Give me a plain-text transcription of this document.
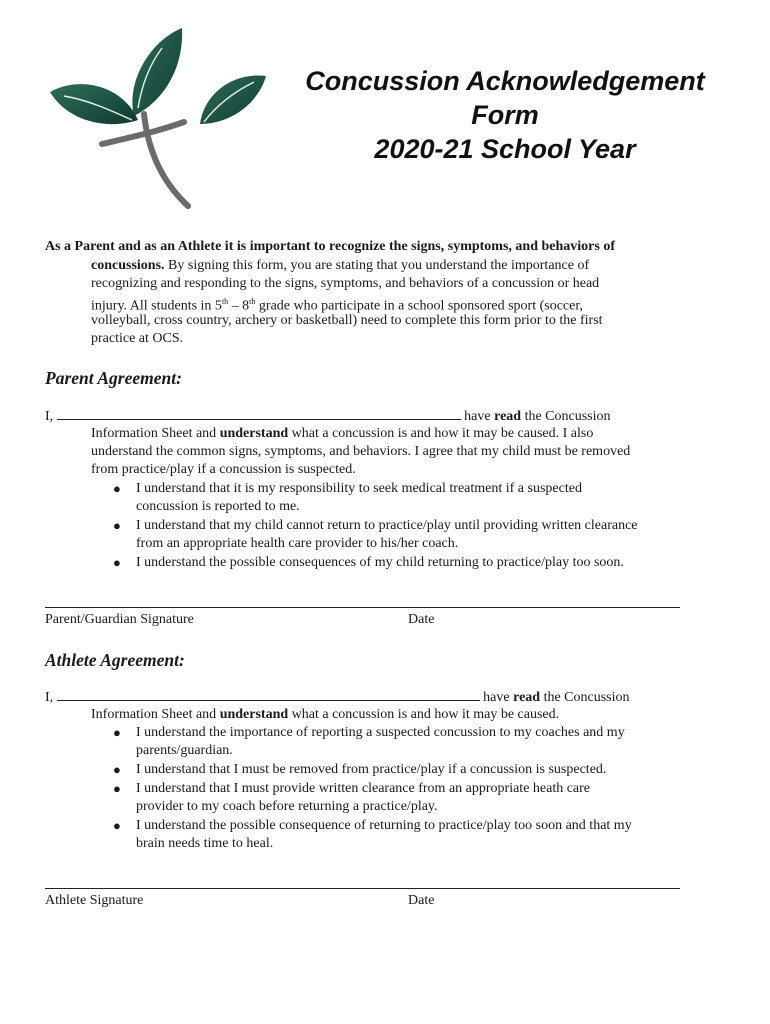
Concussion Acknowledgement
Form
2020-21 School Year
As a Parent and as an Athlete it is important to recognize the signs, symptoms, and behaviors of
concussions. By signing this form, you are stating that you understand the importance of
recognizing and responding to the signs, symptoms, and behaviors of a concussion or head
injury. All students in 5th – 8th grade who participate in a school sponsored sport (soccer,
volleyball, cross country, archery or basketball) need to complete this form prior to the first
practice at OCS.
Parent Agreement:
I,	have read the Concussion
Information Sheet and understand what a concussion is and how it may be caused. I also
understand the common signs, symptoms, and behaviors. I agree that my child must be removed
from practice/play if a concussion is suspected.
● I understand that it is my responsibility to seek medical treatment if a suspected
concussion is reported to me.
● I understand that my child cannot return to practice/play until providing written clearance
from an appropriate health care provider to his/her coach.
● I understand the possible consequences of my child returning to practice/play too soon.
Parent/Guardian Signature	Date
Athlete Agreement:
I,	have read the Concussion
Information Sheet and understand what a concussion is and how it may be caused.
● I understand the importance of reporting a suspected concussion to my coaches and my
parents/guardian.
● I understand that I must be removed from practice/play if a concussion is suspected.
● I understand that I must provide written clearance from an appropriate heath care
provider to my coach before returning a practice/play.
● I understand the possible consequence of returning to practice/play too soon and that my
brain needs time to heal.
Athlete Signature	Date
